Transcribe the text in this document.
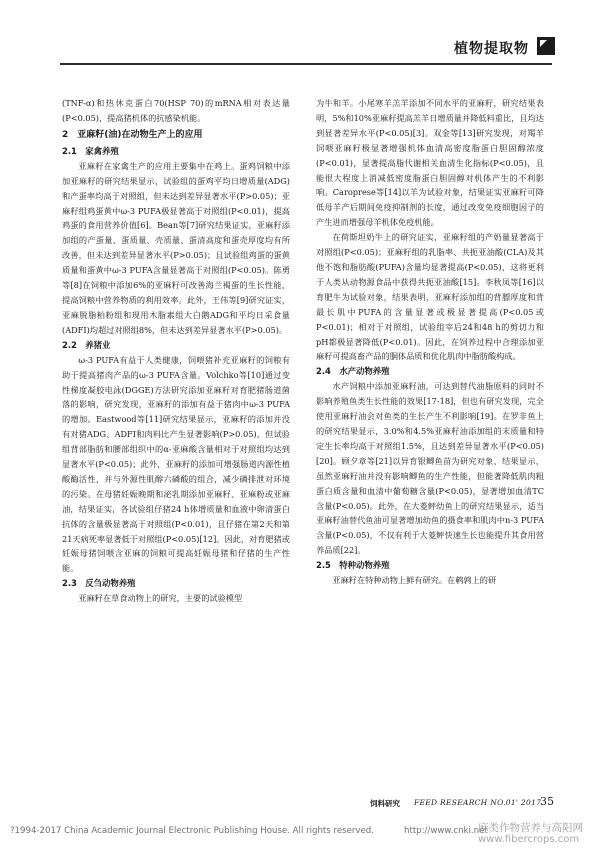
植物提取物

(TNF-α)和热休克蛋白70(HSP 70)的mRNA相对表达量(P<0.05)，提高猪机体的抗感染机能。

2　亚麻籽(油)在动物生产上的应用
2.1　家禽养殖

亚麻籽在家禽生产的应用主要集中在鸡上。蛋鸡饲粮中添加亚麻籽的研究结果显示，试验组的蛋鸡平均日增质量(ADG)和产蛋率均高于对照组，但未达到差异显著水平(P>0.05)；亚麻籽组鸡蛋黄中ω-3 PUFA极显著高于对照组(P<0.01)，提高鸡蛋的食用营养价值[6]。Bean等[7]研究结果证实，亚麻籽添加组的产蛋量、蛋质量、壳质量、蛋清高度和蛋壳厚度均有所改善，但未达到差异显著水平(P>0.05)；且试验组鸡蛋的蛋黄质量和蛋黄中ω-3 PUFA含量显著高于对照组(P<0.05)。陈勇等[8]在饲粮中添加6%的亚麻籽可改善海兰褐蛋的生长性能，提高饲粮中营养物质的利用效率。此外，王伟等[9]研究证实，亚麻脱脂粕粉组和现用木脂素组大白鹅ADG和平均日采食量(ADFI)均超过对照组8%，但未达到差异显著水平(P>0.05)。

2.2　养猪业

ω-3 PUFA有益于人类健康，饲喂猪补充亚麻籽的饲粮有助于提高猪肉产品的ω-3 PUFA含量。Volchko等[10]通过变性梯度凝胶电泳(DGGE)方法研究添加亚麻籽对育肥猪肠道菌落的影响，研究发现，亚麻籽的添加有益于猪肉中ω-3 PUFA的增加。Eastwood等[11]研究结果显示，亚麻籽的添加并没有对猪ADG、ADFI和肉料比产生显著影响(P>0.05)，但试验组背部脂肪和腰部组织中的α-亚麻酸含量相对于对照组均达到显著水平(P<0.05)；此外，亚麻籽的添加可增强肠道内源性植酸酶活性，并与外源性肌醇六磷酸的组合，减少磷排泄对环境的污染。在母猪妊娠晚期和泌乳期添加亚麻籽、亚麻粉或亚麻油，结果证实，各试验组仔猪24 h体增质量和血液中卵清蛋白抗体的含量极显著高于对照组(P<0.01)，且仔猪在第2天和第21天病死率显著低于对照组(P<0.05)[12]。因此，对育肥猪或妊娠母猪饲喂含亚麻的饲粮可提高妊娠母猪和仔猪的生产性能。

2.3　反刍动物养殖

亚麻籽在草食动物上的研究，主要的试验模型

为牛和羊。小尾寒羊羔羊添加不同水平的亚麻籽，研究结果表明，5%和10%亚麻籽提高羔羊日增质量并降低料重比，且均达到显著差异水平(P<0.05)[3]。双金等[13]研究发现，对羯羊饲喂亚麻籽极显著增强机体血清高密度脂蛋白胆固醇浓度(P<0.01)，显著提高脂代谢相关血清生化指标(P<0.05)，且能很大程度上消减低密度脂蛋白胆固醇对机体产生的不利影响。Caroprese等[14]以羊为试验对象，结果证实亚麻籽可降低母羊产后期间免疫抑制剂的长度，通过改变免疫细胞因子的产生进而增强母羊机体免疫机能。

在荷斯坦奶牛上的研究证实，亚麻籽组的产奶量显著高于对照组(P<0.05)；亚麻籽组的乳脂率、共扼亚油酸(CLA)及其他不饱和脂肪酸(PUFA)含量均显著提高(P<0.05)，这将更利于人类从动物源食品中获得共扼亚油酸[15]。李秋凤等[16]以育肥牛为试验对象，结果表明，亚麻籽添加组的背膘厚度和背最长肌中PUFA的含量显著或极显著提高(P<0.05或P<0.01)；相对于对照组，试验组宰后24和48 h的剪切力和pH都极显著降低(P<0.01)。因此，在饲养过程中合理添加亚麻籽可提高畜产品的胴体品质和优化肌肉中脂肪酸构成。

2.4　水产动物养殖

水产饲粮中添加亚麻籽油，可达到替代油脂原料的同时不影响养殖鱼类生长性能的效果[17-18]，但也有研究发现，完全使用亚麻籽油会对鱼类的生长产生不利影响[19]。在罗非鱼上的研究结果显示，3.0%和4.5%亚麻籽油添加组的末质量和特定生长率均高于对照组1.5%，且达到差异显著水平(P<0.05)[20]。顾夕章等[21]以异育银鲫鱼苗为研究对象，结果显示，虽然亚麻籽油并没有影响鲫鱼的生产性能，但能著降低肌肉粗蛋白质含量和血清中葡萄糖含量(P<0.05)，显著增加血清TC含量(P<0.05)。此外，在大菱鲆幼鱼上的研究结果显示，适当亚麻籽油替代鱼油可显著增加幼鱼的摄食率和肌肉中n-3 PUFA含量(P<0.05)，不仅有利于大菱鲆快速生长也能提升其食用营养品质[22]。

2.5　特种动物养殖

亚麻籽在特种动物上鲜有研究。在鹌鹑上的研

饲料研究 FEED RESEARCH NO.01' 2017
35
?1994-2017 China Academic Journal Electronic Publishing House. All rights reserved.	http://www.cnki.net
麻类作物营养与高阳网
www.fibercrops.com
